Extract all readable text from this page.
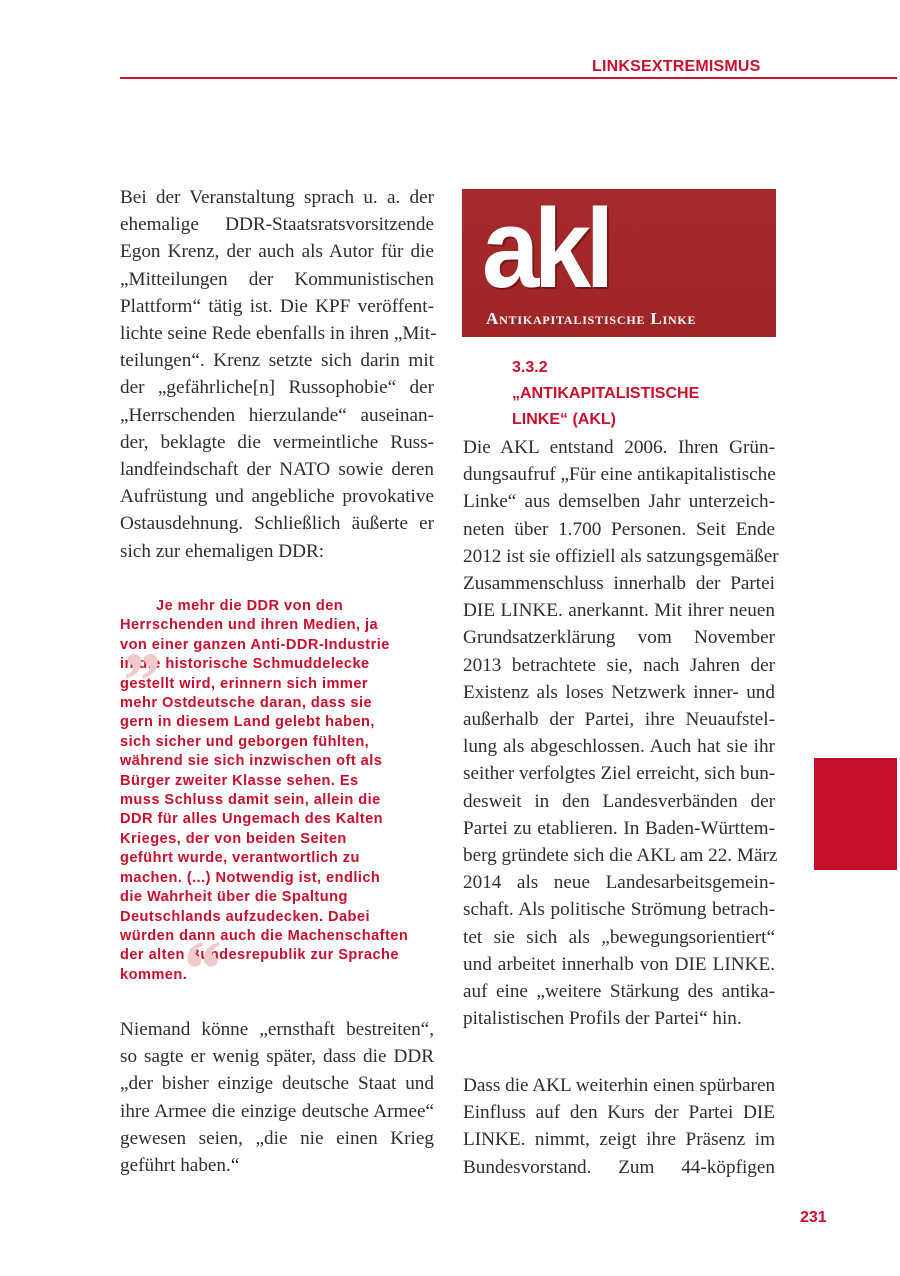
LINKSEXTREMISMUS
Bei der Veranstaltung sprach u. a. der
ehemalige DDR-Staatsratsvorsitzende
Egon Krenz, der auch als Autor für die
„Mitteilungen der Kommunistischen
Plattform“ tätig ist. Die KPF veröffent-
lichte seine Rede ebenfalls in ihren „Mit-
teilungen“. Krenz setzte sich darin mit
der „gefährliche[n] Russophobie“ der
„Herrschenden hierzulande“ auseinan-
der, beklagte die vermeintliche Russ-
landfeindschaft der NATO sowie deren
Aufrüstung und angebliche provokative
Ostausdehnung. Schließlich äußerte er
sich zur ehemaligen DDR:
„
“
Je mehr die DDR von den
Herrschenden und ihren Medien, ja
von einer ganzen Anti-DDR-Industrie
in die historische Schmuddelecke
gestellt wird, erinnern sich immer
mehr Ostdeutsche daran, dass sie
gern in diesem Land gelebt haben,
sich sicher und geborgen fühlten,
während sie sich inzwischen oft als
Bürger zweiter Klasse sehen. Es
muss Schluss damit sein, allein die
DDR für alles Ungemach des Kalten
Krieges, der von beiden Seiten
geführt wurde, verantwortlich zu
machen. (...) Notwendig ist, endlich
die Wahrheit über die Spaltung
Deutschlands aufzudecken. Dabei
würden dann auch die Machenschaften
der alten Bundesrepublik zur Sprache
kommen.
Niemand könne „ernsthaft bestreiten“,
so sagte er wenig später, dass die DDR
„der bisher einzige deutsche Staat und
ihre Armee die einzige deutsche Armee“
gewesen seien, „die nie einen Krieg
geführt haben.“
akl
Antikapitalistische Linke
3.3.2
„ANTIKAPITALISTISCHE
LINKE“ (AKL)
Die AKL entstand 2006. Ihren Grün-
dungsaufruf „Für eine antikapitalistische
Linke“ aus demselben Jahr unterzeich-
neten über 1.700 Personen. Seit Ende
2012 ist sie offiziell als satzungsgemäßer
Zusammenschluss innerhalb der Partei
DIE LINKE. anerkannt. Mit ihrer neuen
Grundsatzerklärung vom November
2013 betrachtete sie, nach Jahren der
Existenz als loses Netzwerk inner- und
außerhalb der Partei, ihre Neuaufstel-
lung als abgeschlossen. Auch hat sie ihr
seither verfolgtes Ziel erreicht, sich bun-
desweit in den Landesverbänden der
Partei zu etablieren. In Baden-Württem-
berg gründete sich die AKL am 22. März
2014 als neue Landesarbeitsgemein-
schaft. Als politische Strömung betrach-
tet sie sich als „bewegungsorientiert“
und arbeitet innerhalb von DIE LINKE.
auf eine „weitere Stärkung des antika-
pitalistischen Profils der Partei“ hin.
Dass die AKL weiterhin einen spürbaren
Einfluss auf den Kurs der Partei DIE
LINKE. nimmt, zeigt ihre Präsenz im
Bundesvorstand. Zum 44-köpfigen
231
